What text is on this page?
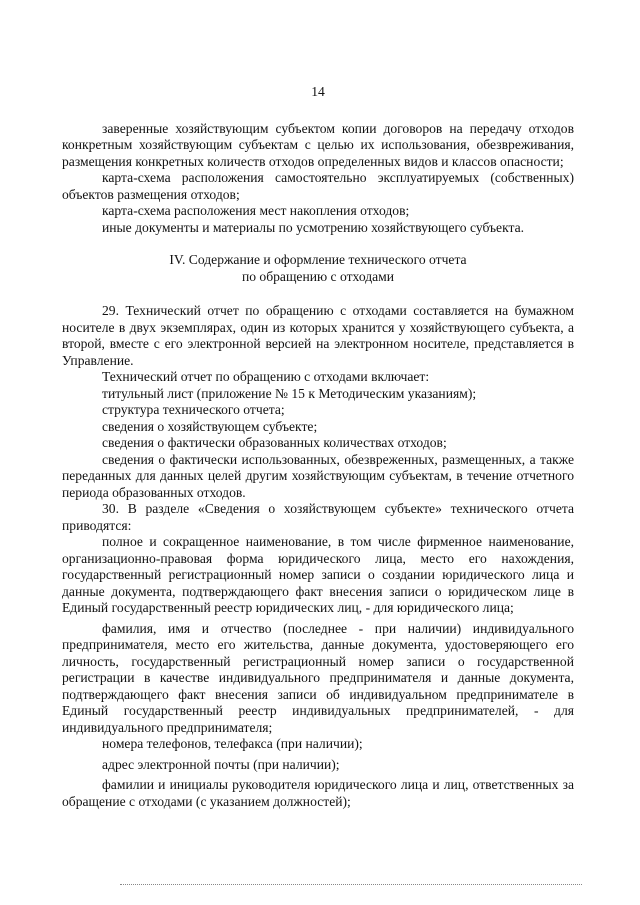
14

заверенные хозяйствующим субъектом копии договоров на передачу отходов конкретным хозяйствующим субъектам с целью их использования, обезвреживания, размещения конкретных количеств отходов определенных видов и классов опасности;

карта-схема расположения самостоятельно эксплуатируемых (собственных) объектов размещения отходов;

карта-схема расположения мест накопления отходов;

иные документы и материалы по усмотрению хозяйствующего субъекта.

IV. Содержание и оформление технического отчета
по обращению с отходами

29. Технический отчет по обращению с отходами составляется на бумажном носителе в двух экземплярах, один из которых хранится у хозяйствующего субъекта, а второй, вместе с его электронной версией на электронном носителе, представляется в Управление.

Технический отчет по обращению с отходами включает:

титульный лист (приложение № 15 к Методическим указаниям);

структура технического отчета;

сведения о хозяйствующем субъекте;

сведения о фактически образованных количествах отходов;

сведения о фактически использованных, обезвреженных, размещенных, а также переданных для данных целей другим хозяйствующим субъектам, в течение отчетного периода образованных отходов.

30. В разделе «Сведения о хозяйствующем субъекте» технического отчета приводятся:

полное и сокращенное наименование, в том числе фирменное наименование, организационно-правовая форма юридического лица, место его нахождения, государственный регистрационный номер записи о создании юридического лица и данные документа, подтверждающего факт внесения записи о юридическом лице в Единый государственный реестр юридических лиц, - для юридического лица;

фамилия, имя и отчество (последнее - при наличии) индивидуального предпринимателя, место его жительства, данные документа, удостоверяющего его личность, государственный регистрационный номер записи о государственной регистрации в качестве индивидуального предпринимателя и данные документа, подтверждающего факт внесения записи об индивидуальном предпринимателе в Единый государственный реестр индивидуальных предпринимателей, - для индивидуального предпринимателя;

номера телефонов, телефакса (при наличии);

адрес электронной почты (при наличии);

фамилии и инициалы руководителя юридического лица и лиц, ответственных за обращение с отходами (с указанием должностей);
